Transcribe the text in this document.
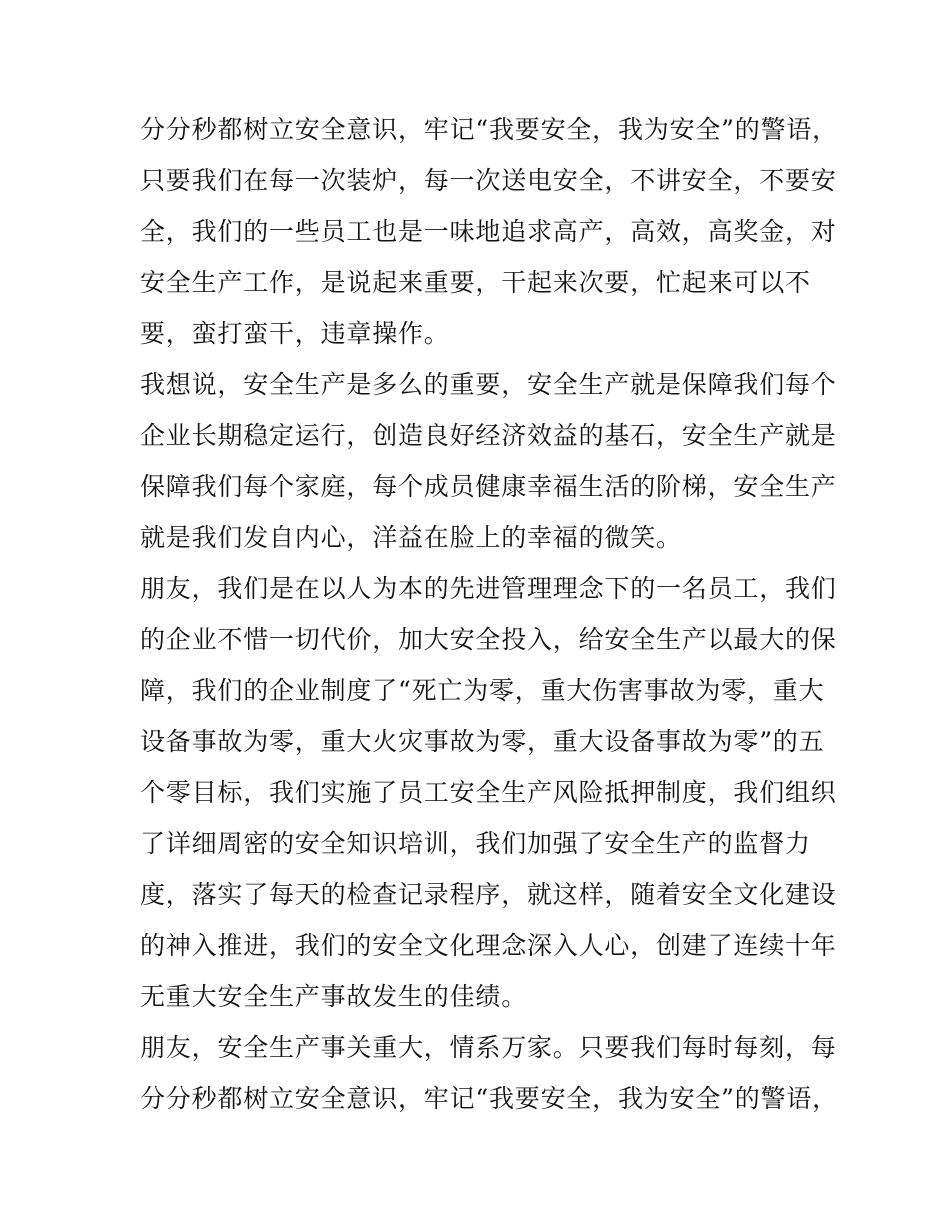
分分秒都树立安全意识，牢记“我要安全，我为安全”的警语，
只要我们在每一次装炉，每一次送电安全，不讲安全，不要安
全，我们的一些员工也是一味地追求高产，高效，高奖金，对
安全生产工作，是说起来重要，干起来次要，忙起来可以不
要，蛮打蛮干，违章操作。
我想说，安全生产是多么的重要，安全生产就是保障我们每个
企业长期稳定运行，创造良好经济效益的基石，安全生产就是
保障我们每个家庭，每个成员健康幸福生活的阶梯，安全生产
就是我们发自内心，洋益在脸上的幸福的微笑。
朋友，我们是在以人为本的先进管理理念下的一名员工，我们
的企业不惜一切代价，加大安全投入，给安全生产以最大的保
障，我们的企业制度了“死亡为零，重大伤害事故为零，重大
设备事故为零，重大火灾事故为零，重大设备事故为零”的五
个零目标，我们实施了员工安全生产风险抵押制度，我们组织
了详细周密的安全知识培训，我们加强了安全生产的监督力
度，落实了每天的检查记录程序，就这样，随着安全文化建设
的神入推进，我们的安全文化理念深入人心，创建了连续十年
无重大安全生产事故发生的佳绩。
朋友，安全生产事关重大，情系万家。只要我们每时每刻，每
分分秒都树立安全意识，牢记“我要安全，我为安全”的警语，
